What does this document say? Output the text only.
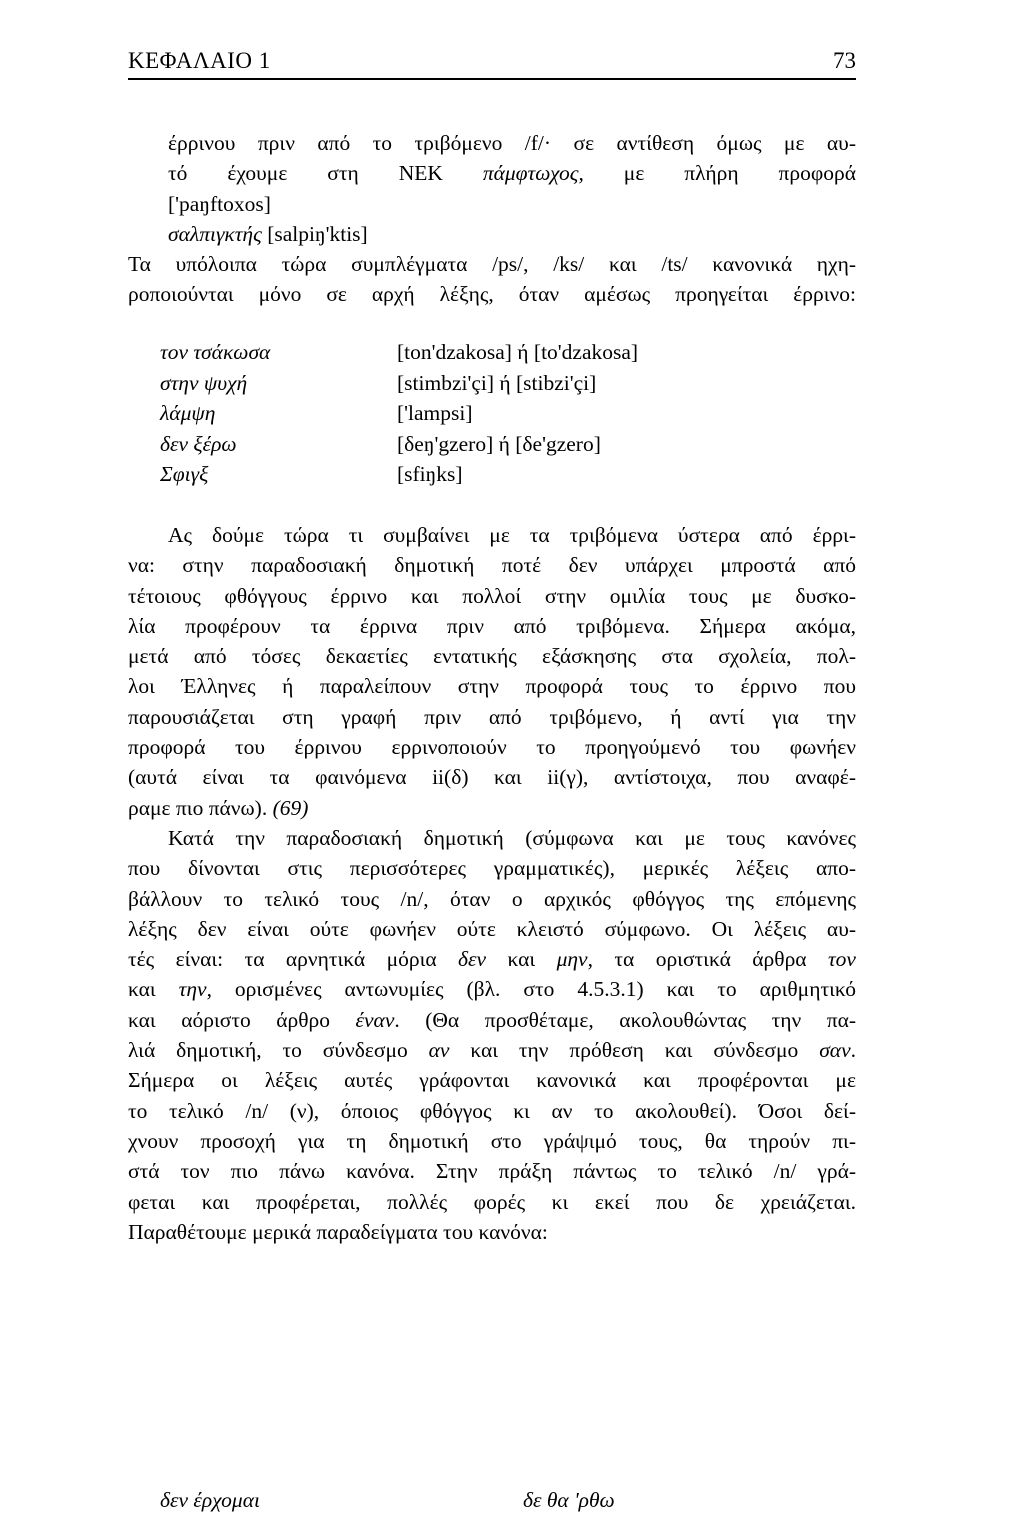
ΚΕΦΑΛΑΙΟ 1	73
έρρινου πριν από το τριβόμενο /f/· σε αντίθεση όμως με αυ-
τό έχουμε στη ΝΕΚ πάμφτωχος, με πλήρη προφορά
['paŋftoxos]
σαλπιγκτής [salpiŋ'ktis]
Τα υπόλοιπα τώρα συμπλέγματα /ps/, /ks/ και /ts/ κανονικά ηχη-
ροποιούνται μόνο σε αρχή λέξης, όταν αμέσως προηγείται έρρινο:
τον τσάκωσα	[ton'dzakosa] ή [to'dzakosa]
στην ψυχή	[stimbzi'çi] ή [stibzi'çi]
λάμψη	['lampsi]
δεν ξέρω	[δeŋ'gzero] ή [δe'gzero]
Σφιγξ	[sfiŋks]
Ας δούμε τώρα τι συμβαίνει με τα τριβόμενα ύστερα από έρρι-
να: στην παραδοσιακή δημοτική ποτέ δεν υπάρχει μπροστά από
τέτοιους φθόγγους έρρινο και πολλοί στην ομιλία τους με δυσκο-
λία προφέρουν τα έρρινα πριν από τριβόμενα. Σήμερα ακόμα,
μετά από τόσες δεκαετίες εντατικής εξάσκησης στα σχολεία, πολ-
λοι Έλληνες ή παραλείπουν στην προφορά τους το έρρινο που
παρουσιάζεται στη γραφή πριν από τριβόμενο, ή αντί για την
προφορά του έρρινου ερρινοποιούν το προηγούμενό του φωνήεν
(αυτά είναι τα φαινόμενα ii(δ) και ii(γ), αντίστοιχα, που αναφέ-
ραμε πιο πάνω). (69)
Κατά την παραδοσιακή δημοτική (σύμφωνα και με τους κανόνες
που δίνονται στις περισσότερες γραμματικές), μερικές λέξεις απο-
βάλλουν το τελικό τους /n/, όταν ο αρχικός φθόγγος της επόμενης
λέξης δεν είναι ούτε φωνήεν ούτε κλειστό σύμφωνο. Οι λέξεις αυ-
τές είναι: τα αρνητικά μόρια δεν και μην, τα οριστικά άρθρα τον
και την, ορισμένες αντωνυμίες (βλ. στο 4.5.3.1) και το αριθμητικό
και αόριστο άρθρο έναν. (Θα προσθέταμε, ακολουθώντας την πα-
λιά δημοτική, το σύνδεσμο αν και την πρόθεση και σύνδεσμο σαν.
Σήμερα οι λέξεις αυτές γράφονται κανονικά και προφέρονται με
το τελικό /n/ (ν), όποιος φθόγγος κι αν το ακολουθεί). Όσοι δεί-
χνουν προσοχή για τη δημοτική στο γράψιμό τους, θα τηρούν πι-
στά τον πιο πάνω κανόνα. Στην πράξη πάντως το τελικό /n/ γρά-
φεται και προφέρεται, πολλές φορές κι εκεί που δε χρειάζεται.
Παραθέτουμε μερικά παραδείγματα του κανόνα:
δεν έρχομαι	δε θα 'ρθω
